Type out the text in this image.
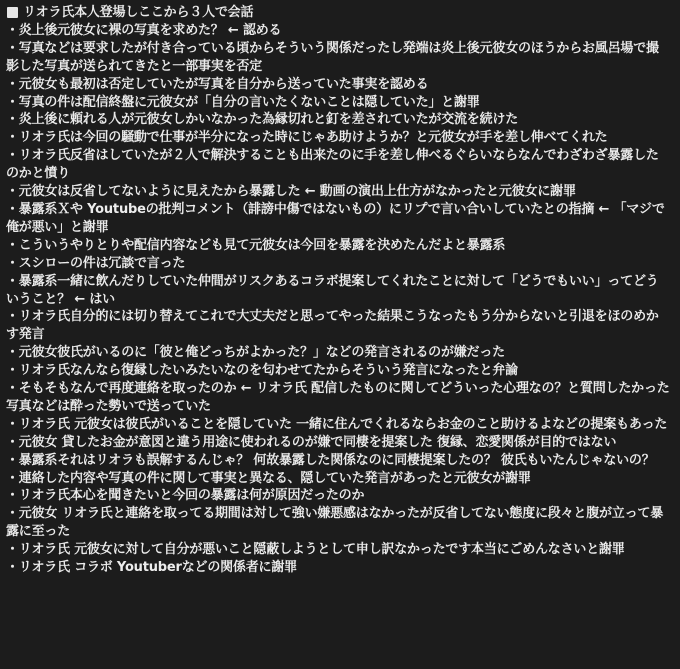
リオラ氏本人登場しここから３人で会話
・炎上後元彼女に裸の写真を求めた？ ← 認める
・写真などは要求したが付き合っている頃からそういう関係だったし発端は炎上後元彼女のほうからお風呂場で撮影した写真が送られてきたと一部事実を否定
・元彼女も最初は否定していたが写真を自分から送っていた事実を認める
・写真の件は配信終盤に元彼女が「自分の言いたくないことは隠していた」と謝罪
・炎上後に頼れる人が元彼女しかいなかった為縁切れと釘を差されていたが交流を続けた
・リオラ氏は今回の騒動で仕事が半分になった時にじゃあ助けようか？と元彼女が手を差し伸べてくれた
・リオラ氏反省はしていたが２人で解決することも出来たのに手を差し伸べるぐらいならなんでわざわざ暴露したのかと憤り
・元彼女は反省してないように見えたから暴露した ← 動画の演出上仕方がなかったと元彼女に謝罪
・暴露系Ｘや Youtubeの批判コメント（誹謗中傷ではないもの）にリプで言い合いしていたとの指摘 ← 「マジで俺が悪い」と謝罪
・こういうやりとりや配信内容なども見て元彼女は今回を暴露を決めたんだよと暴露系
・スシローの件は冗談で言った
・暴露系一緒に飲んだりしていた仲間がリスクあるコラボ提案してくれたことに対して「どうでもいい」ってどういうこと？ ← はい
・リオラ氏自分的には切り替えてこれで大丈夫だと思ってやった結果こうなったもう分からないと引退をほのめかす発言
・元彼女彼氏がいるのに「彼と俺どっちがよかった？」などの発言されるのが嫌だった
・リオラ氏なんなら復縁したいみたいなのを匂わせてたからそういう発言になったと弁論
・そもそもなんで再度連絡を取ったのか ← リオラ氏 配信したものに関してどういった心理なの？と質問したかった写真などは酔った勢いで送っていた
・リオラ氏 元彼女は彼氏がいることを隠していた 一緒に住んでくれるならお金のこと助けるよなどの提案もあった
・元彼女 貸したお金が意図と違う用途に使われるのが嫌で同棲を提案した 復縁、恋愛関係が目的ではない
・暴露系それはリオラも誤解するんじゃ？ 何故暴露した関係なのに同棲提案したの？ 彼氏もいたんじゃないの？
・連絡した内容や写真の件に関して事実と異なる、隠していた発言があったと元彼女が謝罪
・リオラ氏本心を聞きたいと今回の暴露は何が原因だったのか
・元彼女 リオラ氏と連絡を取ってる期間は対して強い嫌悪感はなかったが反省してない態度に段々と腹が立って暴露に至った
・リオラ氏 元彼女に対して自分が悪いこと隠蔽しようとして申し訳なかったです本当にごめんなさいと謝罪
・リオラ氏 コラボ Youtuberなどの関係者に謝罪
